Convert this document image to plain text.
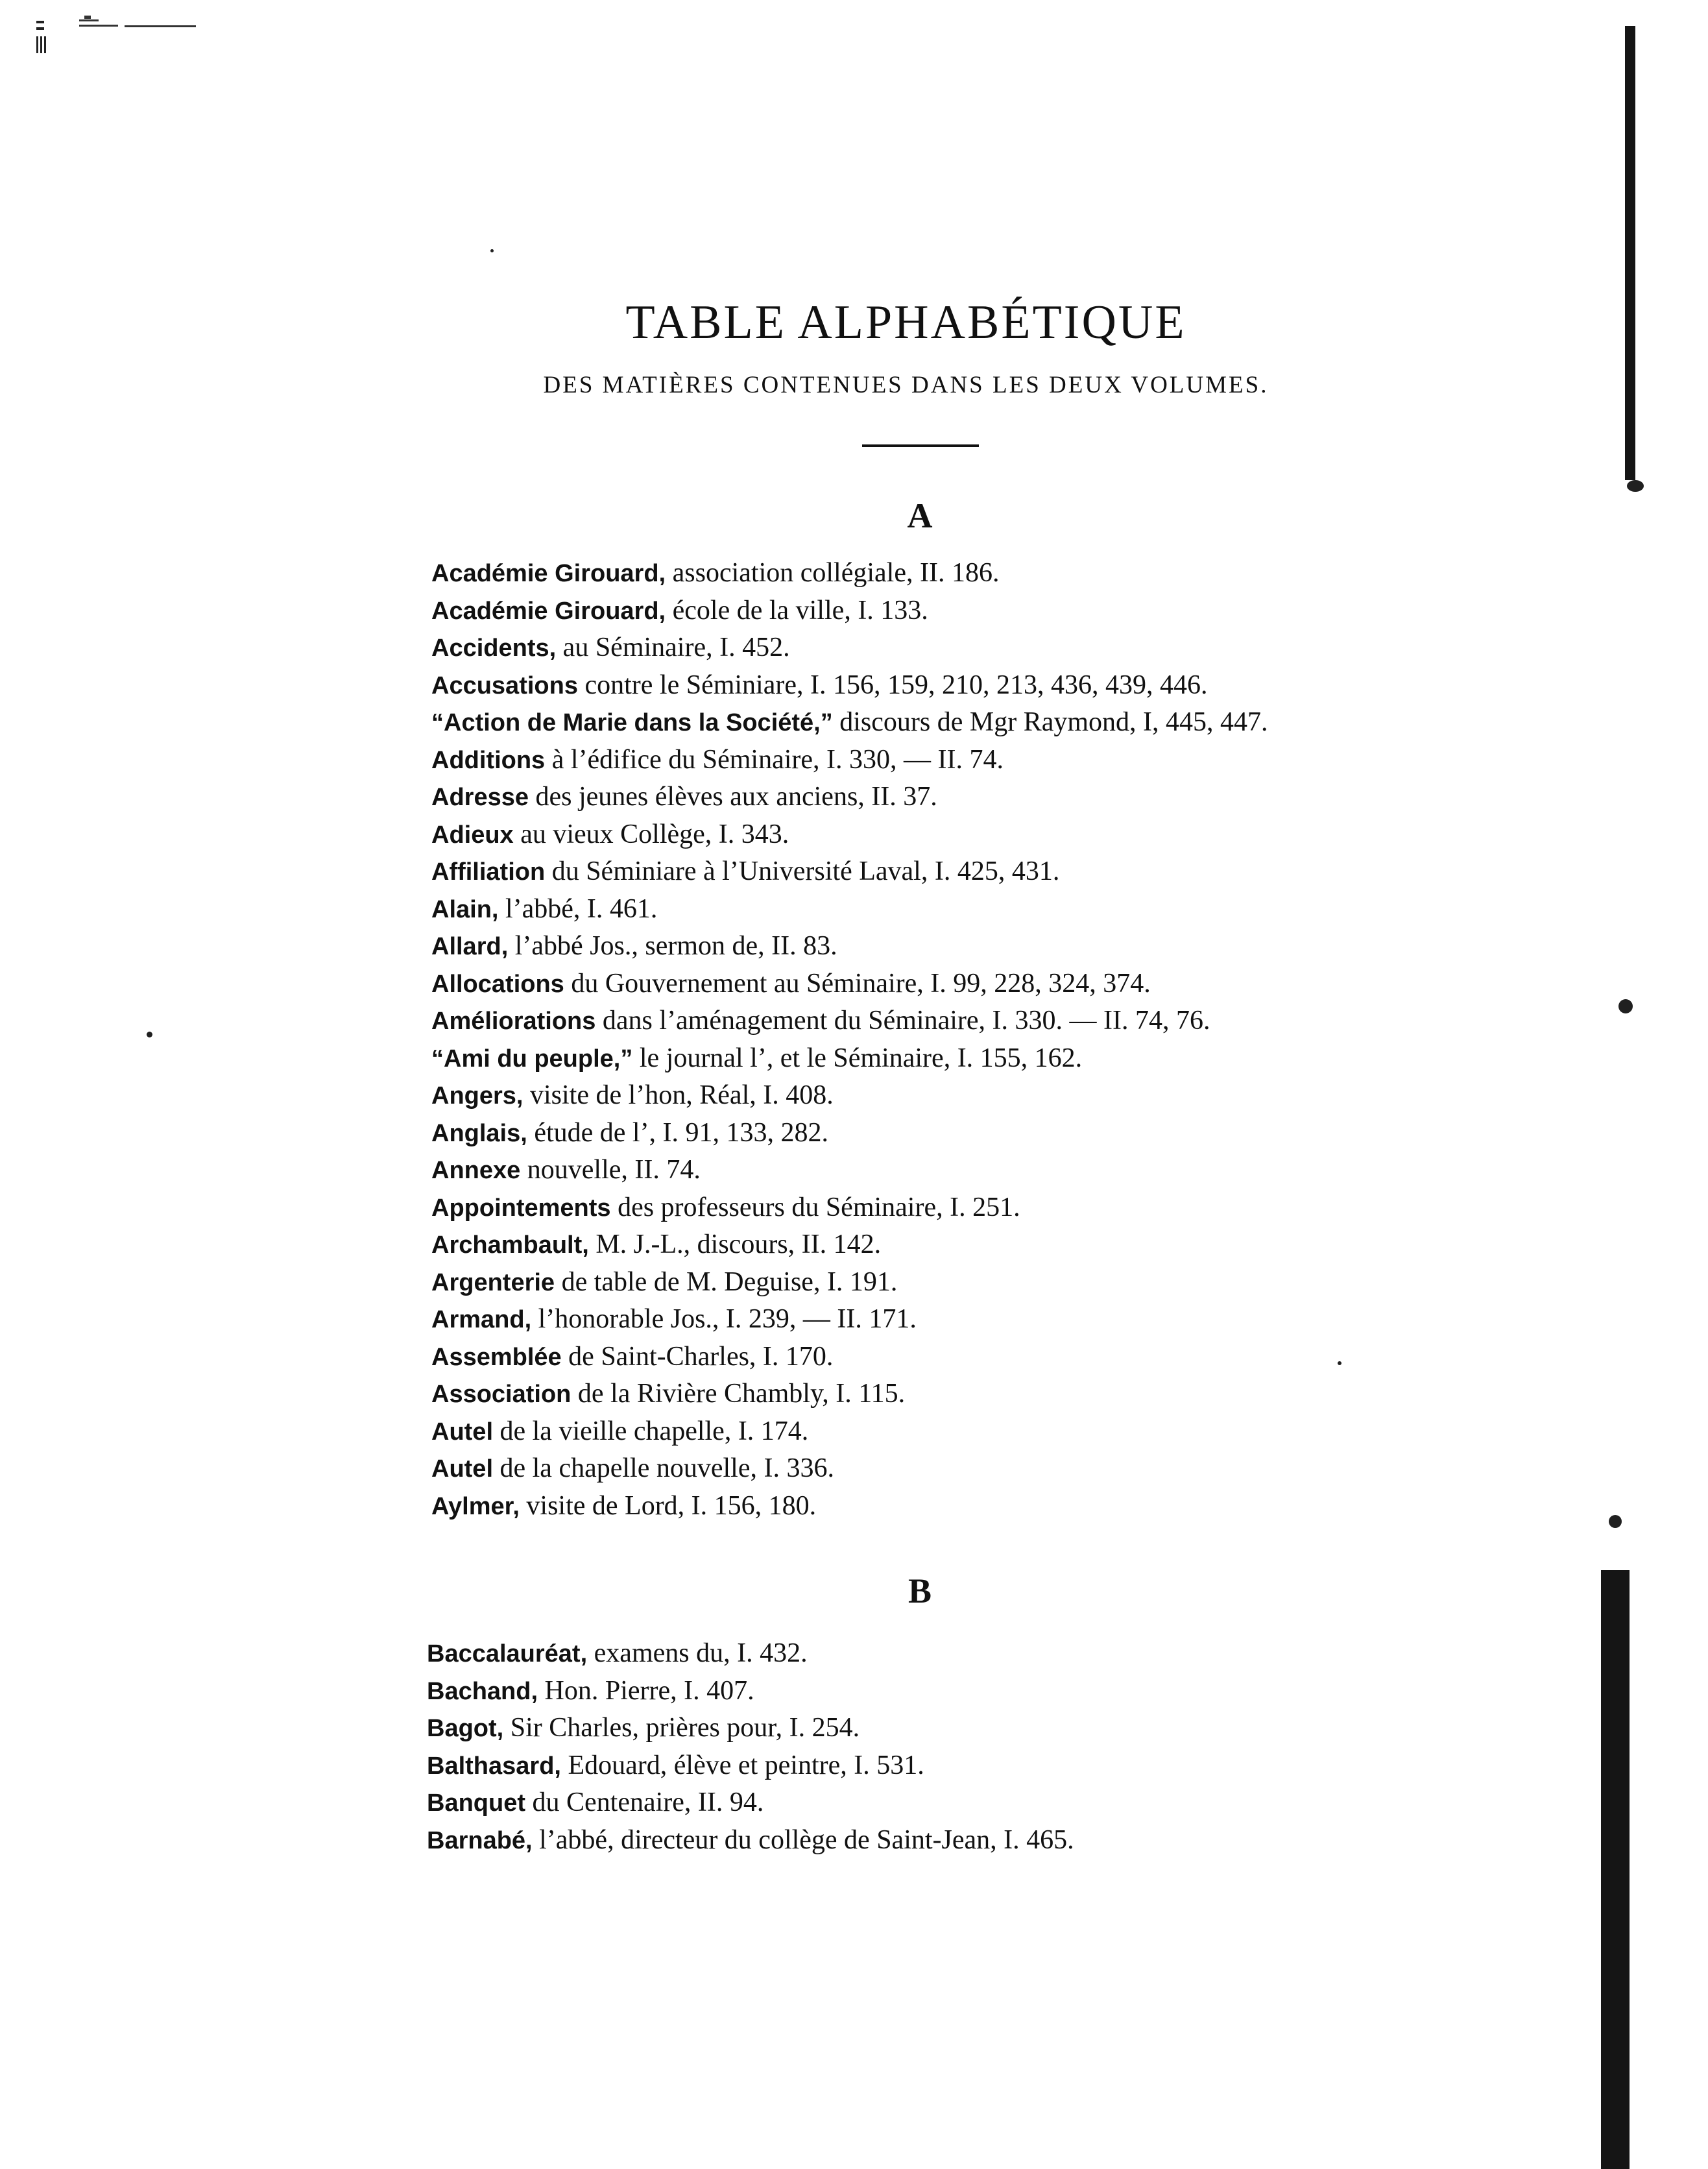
TABLE ALPHABÉTIQUE
DES MATIÈRES CONTENUES DANS LES DEUX VOLUMES.
A
Académie Girouard, association collégiale, II. 186.
Académie Girouard, école de la ville, I. 133.
Accidents, au Séminaire, I. 452.
Accusations contre le Séminiare, I. 156, 159, 210, 213, 436, 439, 446.
“Action de Marie dans la Société,” discours de Mgr Raymond, I, 445, 447.
Additions à l’édifice du Séminaire, I. 330, — II. 74.
Adresse des jeunes élèves aux anciens, II. 37.
Adieux au vieux Collège, I. 343.
Affiliation du Séminiare à l’Université Laval, I. 425, 431.
Alain, l’abbé, I. 461.
Allard, l’abbé Jos., sermon de, II. 83.
Allocations du Gouvernement au Séminaire, I. 99, 228, 324, 374.
Améliorations dans l’aménagement du Séminaire, I. 330. — II. 74, 76.
“Ami du peuple,” le journal l’, et le Séminaire, I. 155, 162.
Angers, visite de l’hon, Réal, I. 408.
Anglais, étude de l’, I. 91, 133, 282.
Annexe nouvelle, II. 74.
Appointements des professeurs du Séminaire, I. 251.
Archambault, M. J.-L., discours, II. 142.
Argenterie de table de M. Deguise, I. 191.
Armand, l’honorable Jos., I. 239, — II. 171.
Assemblée de Saint-Charles, I. 170.
Association de la Rivière Chambly, I. 115.
Autel de la vieille chapelle, I. 174.
Autel de la chapelle nouvelle, I. 336.
Aylmer, visite de Lord, I. 156, 180.
B
Baccalauréat, examens du, I. 432.
Bachand, Hon. Pierre, I. 407.
Bagot, Sir Charles, prières pour, I. 254.
Balthasard, Edouard, élève et peintre, I. 531.
Banquet du Centenaire, II. 94.
Barnabé, l’abbé, directeur du collège de Saint-Jean, I. 465.
